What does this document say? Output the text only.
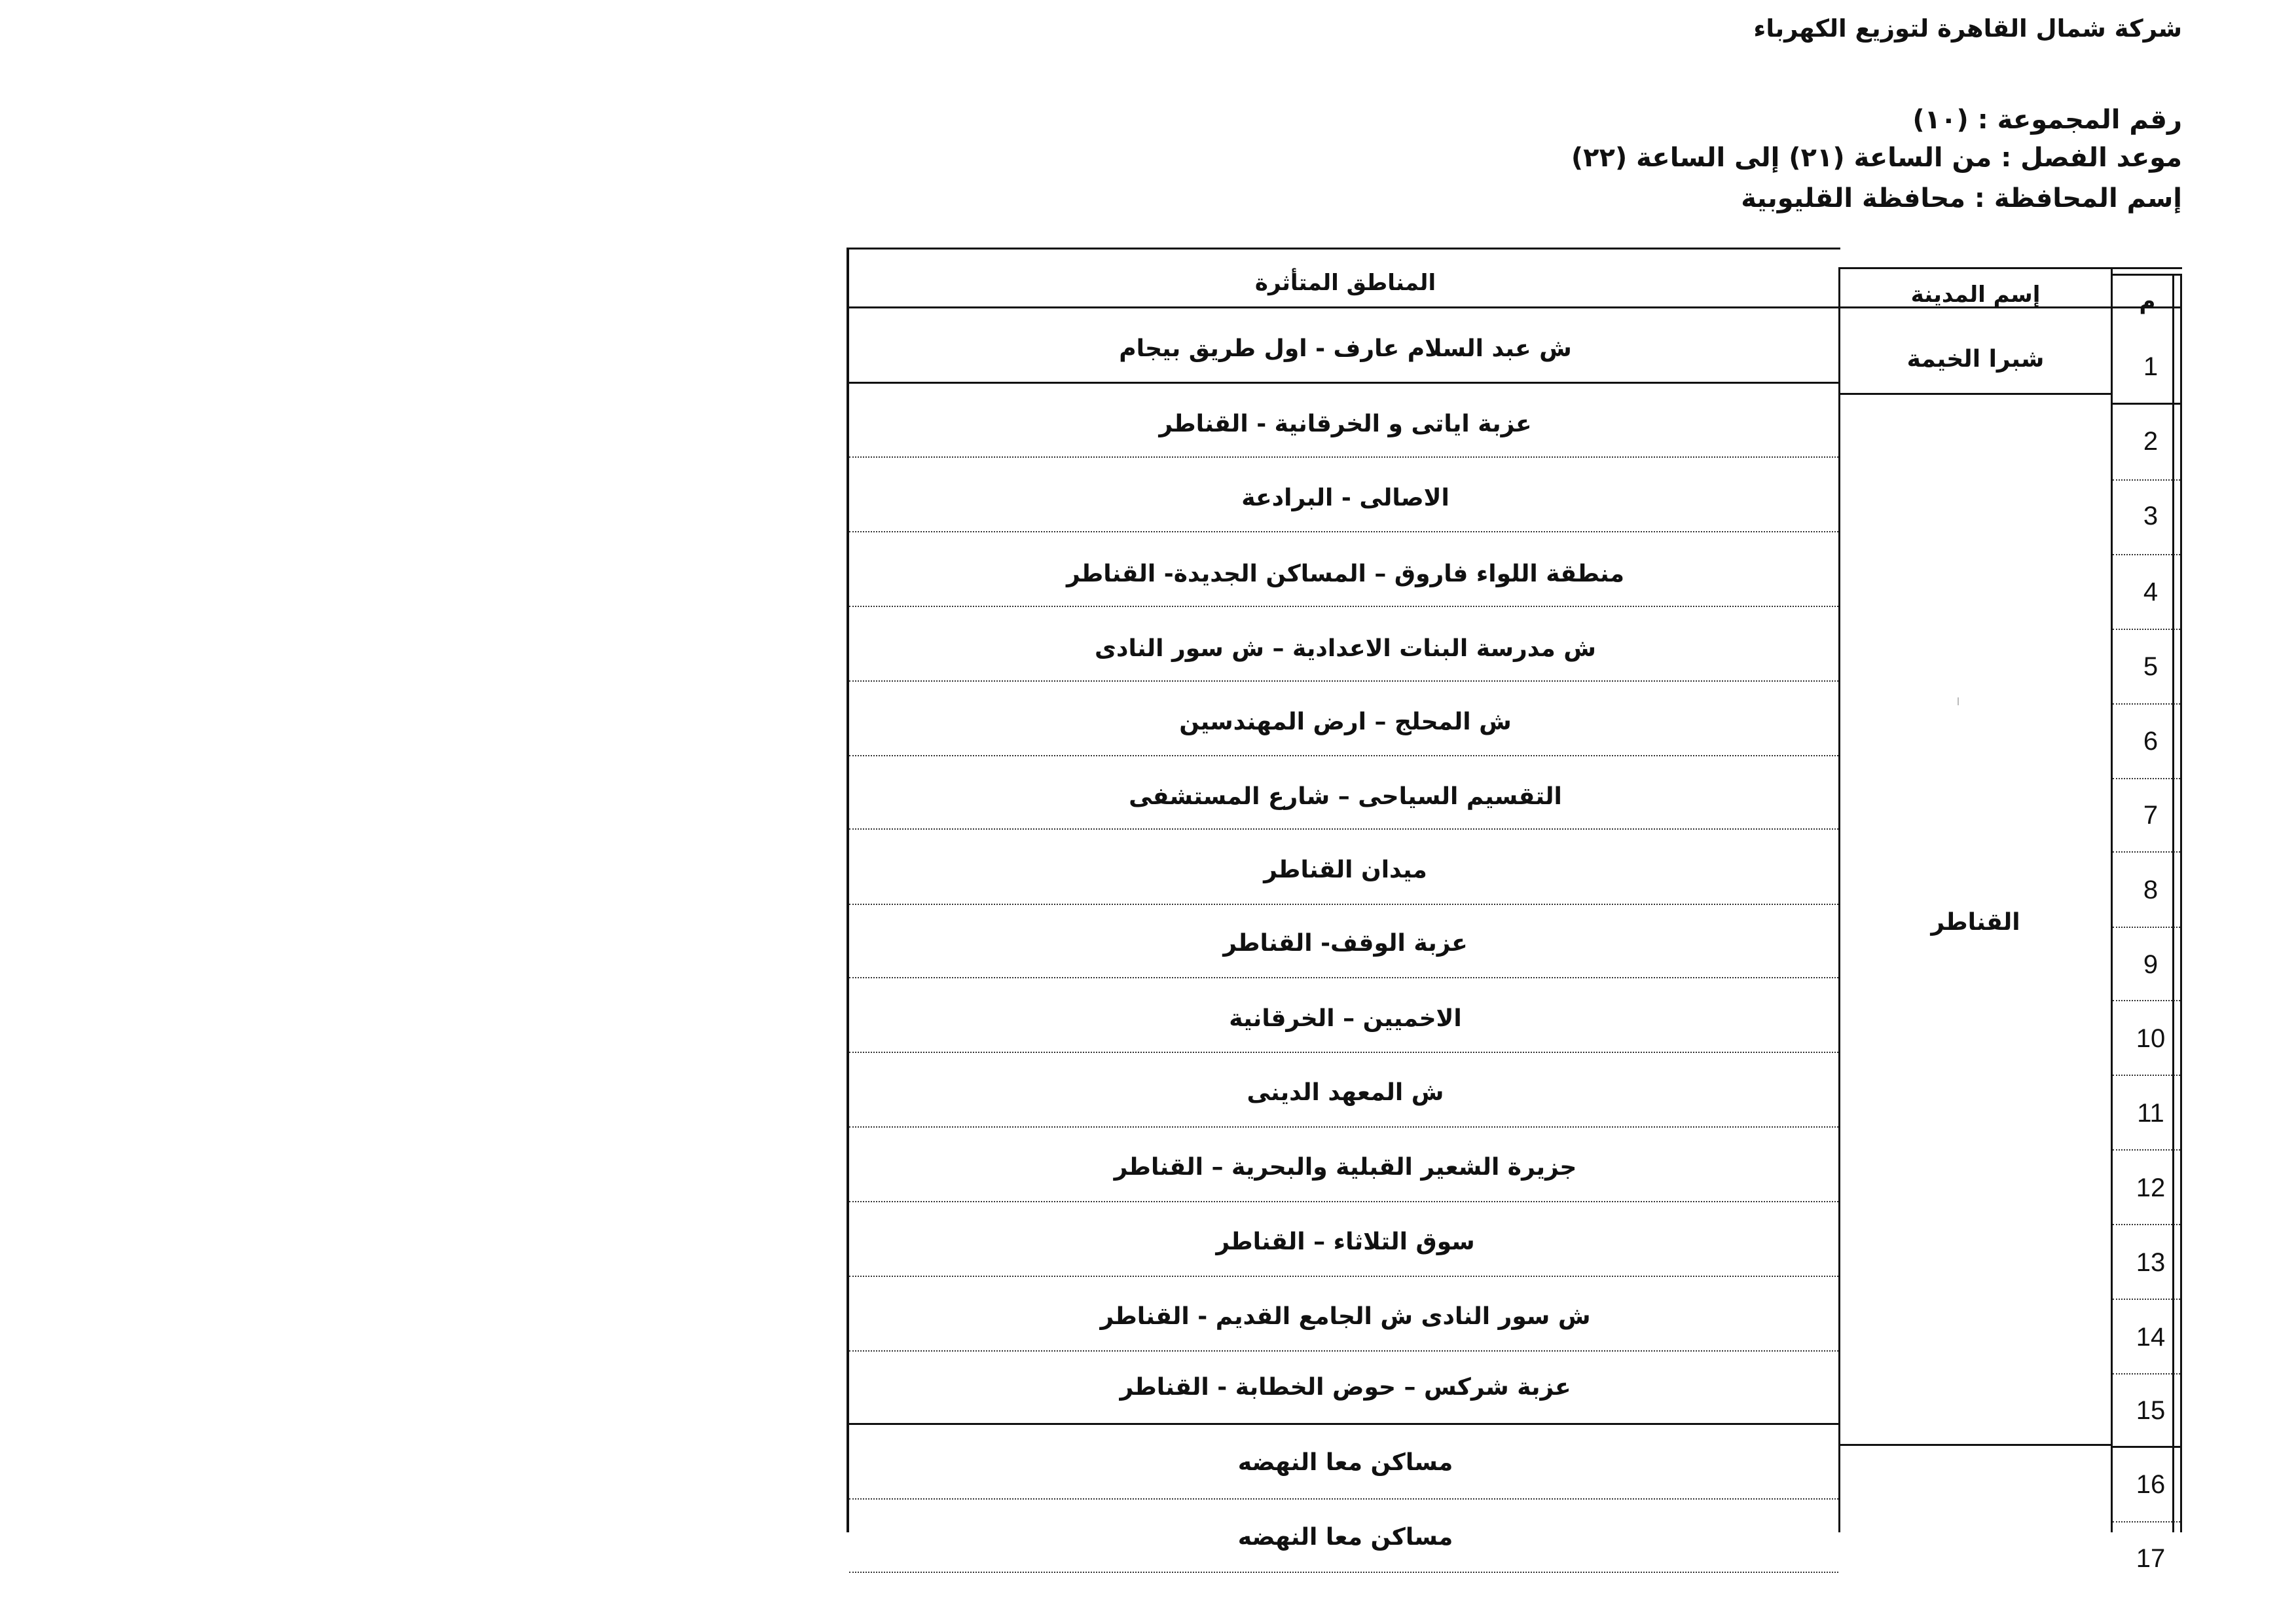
شركة شمال القاهرة لتوزيع الكهرباء
رقم المجموعة : (١٠)
موعد الفصل : من الساعة (٢١) إلى الساعة (٢٢)
إسم المحافظة : محافظة القليوبية
المناطق المتأثرة	إسم المدينة	م
شبرا الخيمة
القناطر
ش عبد السلام عارف - اول طريق بيجام
عزبة اياتى و الخرقانية - القناطر
الاصالى - البرادعة
منطقة اللواء فاروق – المساكن الجديدة- القناطر
ش مدرسة البنات الاعدادية – ش سور النادى
ش المحلج – ارض المهندسين
التقسيم السياحى – شارع المستشفى
ميدان القناطر
عزبة الوقف- القناطر
الاخميين – الخرقانية
ش المعهد الدينى
جزيرة الشعير القبلية والبحرية – القناطر
سوق التلاثاء – القناطر
ش سور النادى ش الجامع القديم - القناطر
عزبة شركس – حوض الخطابة - القناطر
مساكن معا النهضه
مساكن معا النهضه
1
2
3
4
5
6
7
8
9
10
11
12
13
14
15
16
17
